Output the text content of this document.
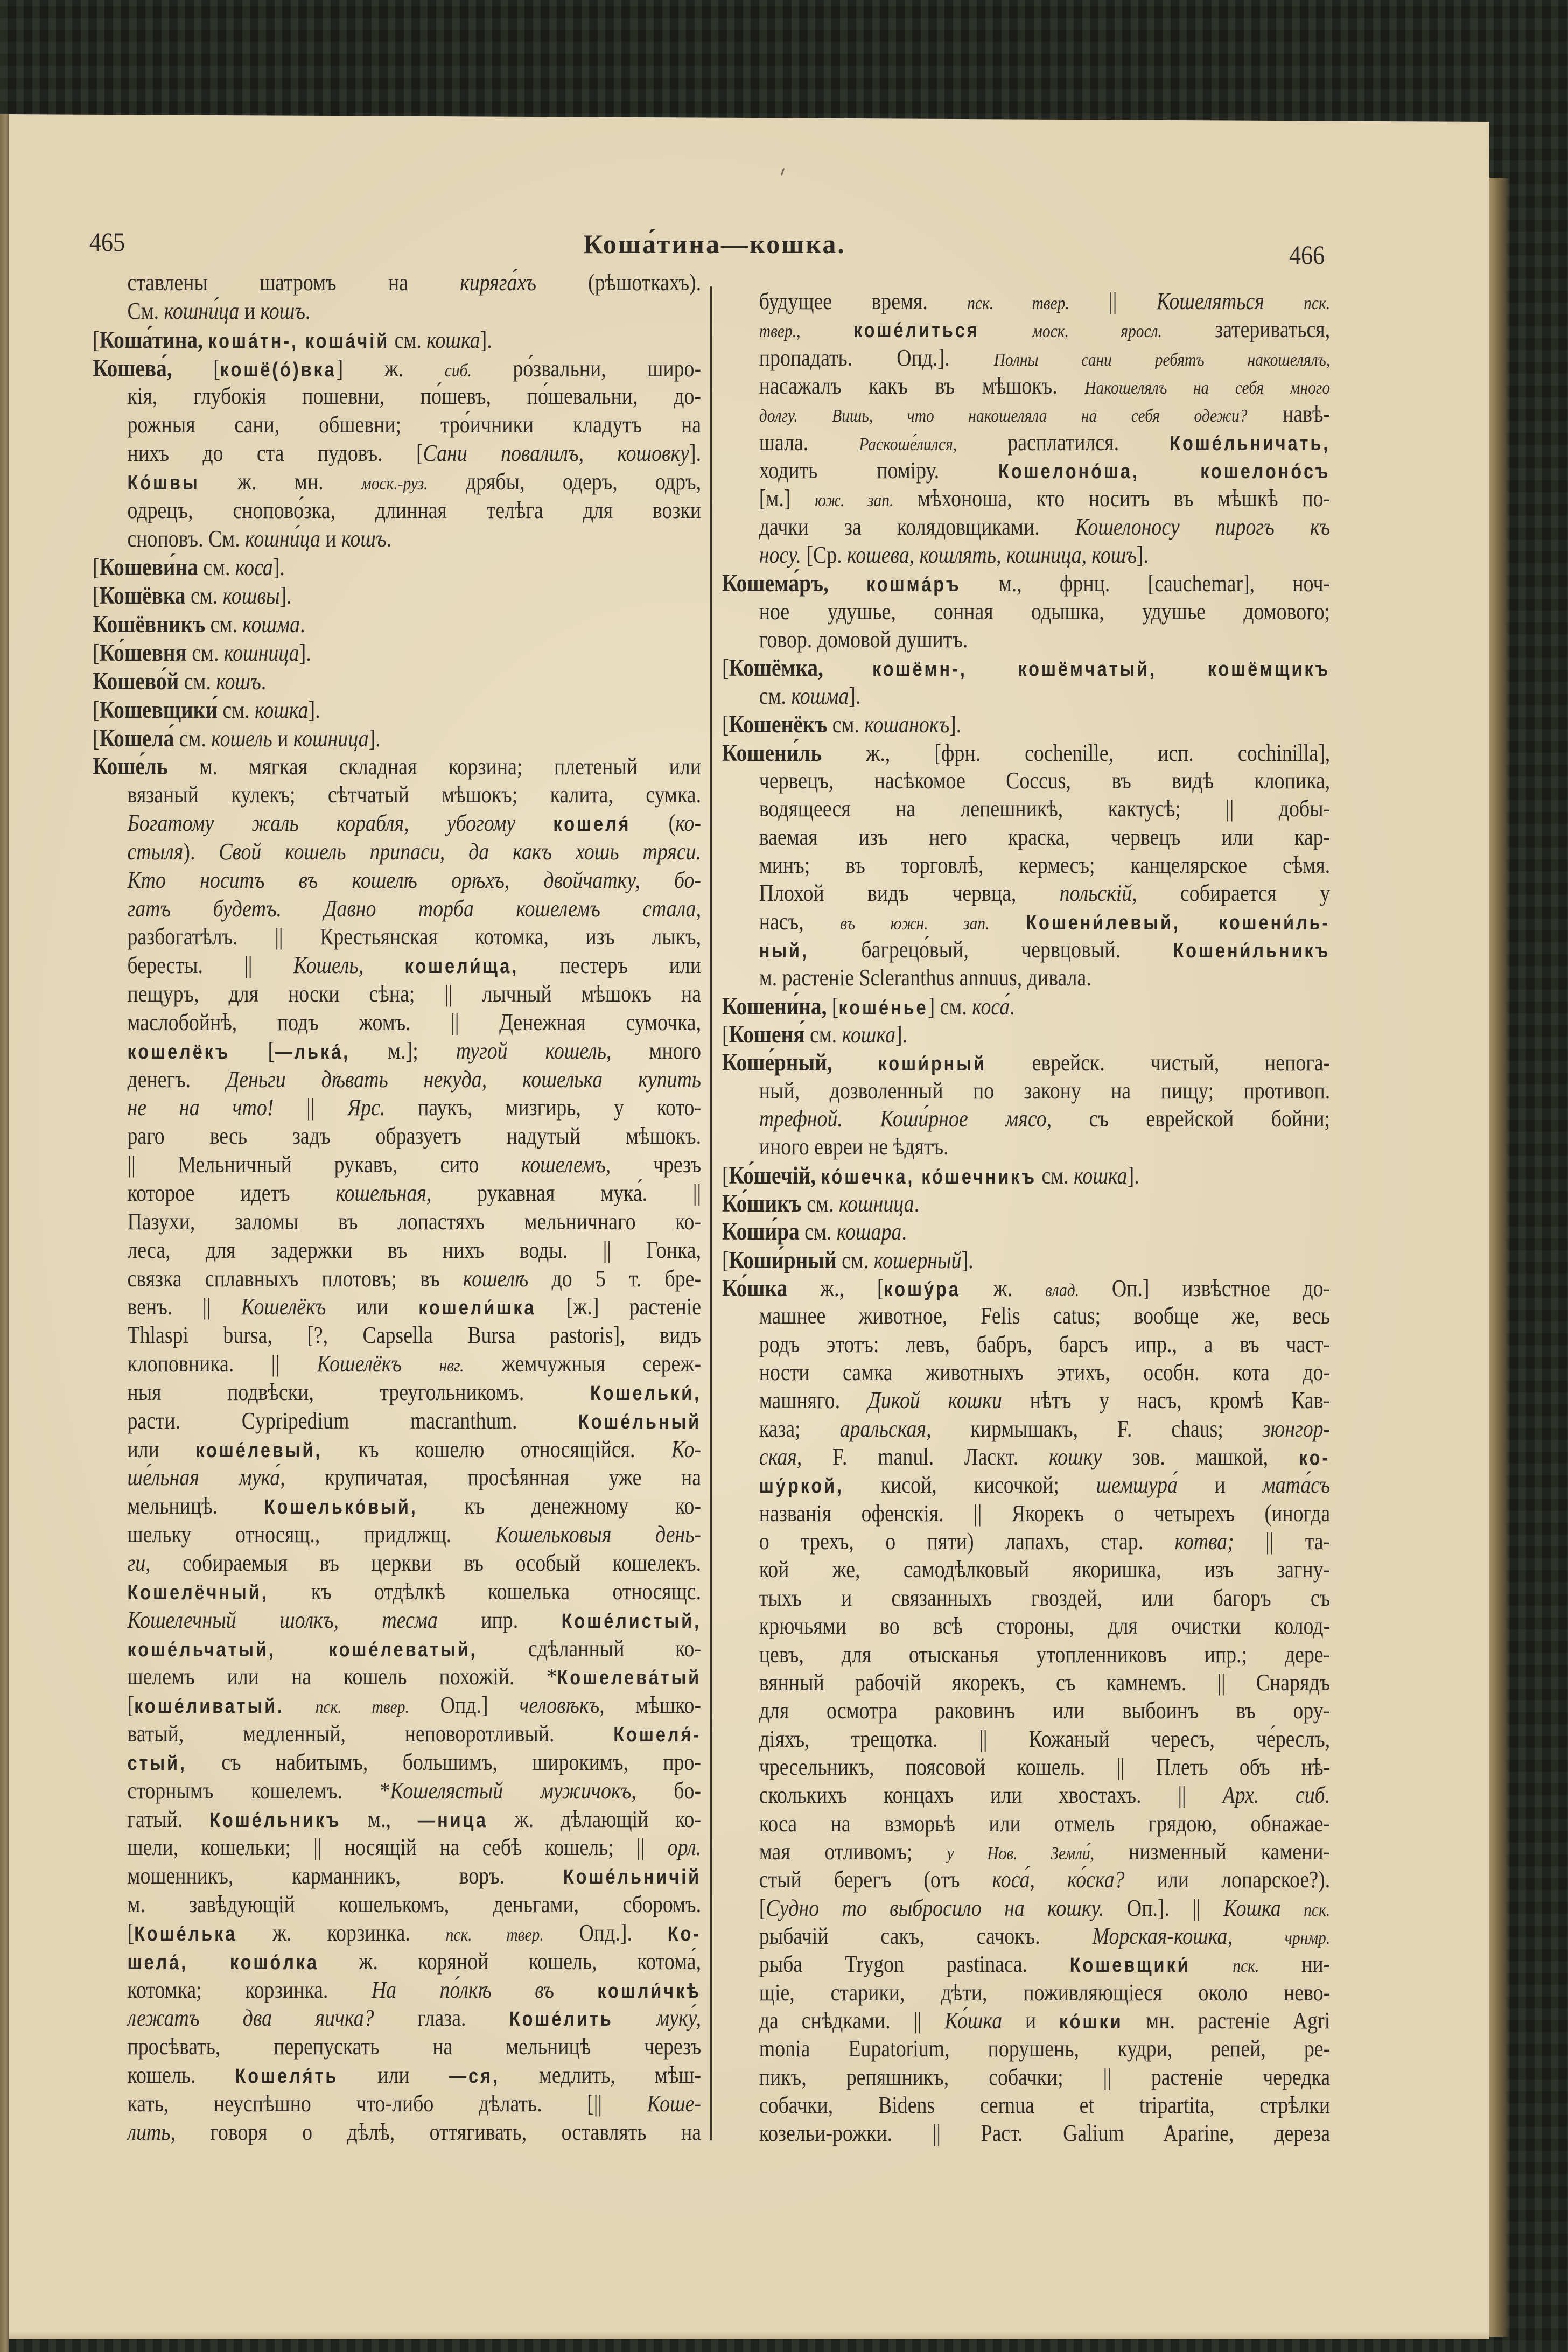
465	Коша́тина—кошка.	466
ставлены шатромъ на киряга́хъ (рѣшоткахъ).
См. кошни́ца и кошъ.
[Коша́тина, коша́тн-, коша́чій см. кошка].
Кошева́, [кошё(о́)вка] ж. сиб. ро́звальни, широ-
кія, глубокія пошевни, по́шевъ, по́шевальни, до-
рожныя сани, обшевни; тро́ичники кладутъ на
нихъ до ста пудовъ. [Сани повалилъ, кошовку].
Ко́швы ж. мн. моск.-руз. дрябы, одеръ, одръ,
одрецъ, снопово́зка, длинная телѣга для возки
сноповъ. См. кошни́ца и кошъ.
[Кошеви́на см. коса].
[Кошёвка см. кошвы].
Кошёвникъ см. кошма.
[Ко́шевня см. кошница].
Кошево́й см. кошъ.
[Кошевщики́ см. кошка].
[Кошела́ см. кошель и кошница].
Коше́ль м. мягкая складная корзина; плетеный или
вязаный кулекъ; сѣтчатый мѣшокъ; калита, сумка.
Богатому жаль корабля, убогому кошеля́ (ко-
стыля). Свой кошель припаси, да какъ хошь тряси.
Кто носитъ въ кошелѣ орѣхъ, двойчатку, бо-
гатъ будетъ. Давно торба кошелемъ стала,
разбогатѣлъ. || Крестьянская котомка, изъ лыкъ,
бересты. || Кошель, кошели́ща, пестеръ или
пещуръ, для носки сѣна; || лычный мѣшокъ на
маслобойнѣ, подъ жомъ. || Денежная сумочка,
кошелёкъ [—лька́, м.]; тугой кошель, много
денегъ. Деньги дѣвать некуда, кошелька купить
не на что! || Ярс. паукъ, мизгирь, у кото-
раго весь задъ образуетъ надутый мѣшокъ.
|| Мельничный рукавъ, сито кошелемъ, чрезъ
которое идетъ кошельная, рукавная мука́. ||
Пазухи, заломы въ лопастяхъ мельничнаго ко-
леса, для задержки въ нихъ воды. || Гонка,
связка сплавныхъ плотовъ; въ кошелѣ до 5 т. бре-
венъ. || Кошелёкъ или кошели́шка [ж.] растеніе
Thlaspi bursa, [?, Capsella Bursa pastoris], видъ
клоповника. || Кошелёкъ нвг. жемчужныя сереж-
ныя подвѣски, треугольникомъ. Кошельки́,
расти. Cypripedium macranthum. Коше́льный
или коше́левый, къ кошелю относящійся. Ко-
ше́льная мука́, крупичатая, просѣянная уже на
мельницѣ. Кошелько́вый, къ денежному ко-
шельку относящ., придлжщ. Кошельковыя день-
ги, собираемыя въ церкви въ особый кошелекъ.
Кошелёчный, къ отдѣлкѣ кошелька относящс.
Кошелечный шолкъ, тесма ипр. Коше́листый,
коше́льчатый, коше́леватый, сдѣланный ко-
шелемъ или на кошель похожій. *Кошелева́тый
[коше́ливатый. пск. твер. Опд.] человѣкъ, мѣшко-
ватый, медленный, неповоротливый. Кошеля́-
стый, съ набитымъ, большимъ, широкимъ, про-
сторнымъ кошелемъ. *Кошелястый мужичокъ, бо-
гатый. Коше́льникъ м., —ница ж. дѣлающій ко-
шели, кошельки; || носящій на себѣ кошель; || орл.
мошенникъ, карманникъ, воръ. Коше́льничій
м. завѣдующій кошелькомъ, деньгами, сборомъ.
[Коше́лька ж. корзинка. пск. твер. Опд.]. Ко-
шела́, кошо́лка ж. коряной кошель, котома́,
котомка; корзинка. На по́лкѣ въ кошли́чкѣ
лежатъ два яичка? глаза. Коше́лить муку́,
просѣвать, перепускать на мельницѣ черезъ
кошель. Кошеля́ть или —ся, медлить, мѣш-
кать, неуспѣшно что-либо дѣлать. [|| Коше-
лить, говоря о дѣлѣ, оттягивать, оставлять на
будущее время. пск. твер. || Кошеляться пск.
твер.,	коше́литься	моск. яросл. затериваться,
пропадать. Опд.]. Полны сани ребятъ накошелялъ,
насажалъ какъ въ мѣшокъ. Накошелялъ на себя много
долгу. Вишь, что накошеляла на себя одежи? навѣ-
шала. Раскоше́лился, расплатился. Коше́льничать,
ходить поміру. Кошелоно́ша, кошелоно́съ
[м.] юж. зап. мѣхоноша, кто носитъ въ мѣшкѣ по-
дачки за колядовщиками. Кошелоносу пирогъ къ
носу. [Ср. кошева, кошлять, кошница, кошъ].
Кошема́ръ, кошма́ръ м., фрнц. [cauchemar], ноч-
ное удушье, сонная одышка, удушье домового;
говор. домовой душитъ.
[Кошёмка, кошёмн-, кошёмчатый, кошёмщикъ
см. кошма].
[Кошенёкъ см. кошанокъ].
Кошени́ль ж., [фрн. cochenille, исп. cochinilla],
червецъ, насѣкомое Coccus, въ видѣ клопика,
водящееся на лепешникѣ, кактусѣ; || добы-
ваемая изъ него краска, червецъ или кар-
минъ; въ торговлѣ, кермесъ; канцелярское сѣмя.
Плохой видъ червца, польскій, собирается у
насъ, въ южн. зап. Кошени́левый, кошени́ль-
ный, багрецо́вый, червцовый. Кошени́льникъ
м. растеніе Scleranthus annuus, дивала.
Кошени́на, [коше́нье] см. коса́.
[Кошеня́ см. кошка].
Коше́рный, коши́рный еврейск. чистый, непога-
ный, дозволенный по закону на пищу; противоп.
трефной. Коши́рное мясо, съ еврейской бойни;
иного евреи не ѣдятъ.
[Ко́шечій, ко́шечка, ко́шечникъ см. кошка].
Ко́шикъ см. кошница.
Коши́ра см. кошара.
[Коши́рный см. кошерный].
Ко́шка ж., [кошу́ра ж. влад. Оп.] извѣстное до-
машнее животное, Felis catus; вообще же, весь
родъ этотъ: левъ, бабръ, барсъ ипр., а въ част-
ности самка животныхъ этихъ, особн. кота до-
машняго. Дикой кошки нѣтъ у насъ, кромѣ Кав-
каза; аральская, кирмышакъ, F. chaus; зюнгор-
ская, F. manul. Ласкт. кошку зов. машкой, ко-
шу́ркой, кисой, кисочкой; шемшура́ и мата́съ
названія офенскія. || Якорекъ о четырехъ (иногда
о трехъ, о пяти) лапахъ, стар. котва; || та-
кой же, самодѣлковый якоришка, изъ загну-
тыхъ и связанныхъ гвоздей, или багоръ съ
крючьями во всѣ стороны, для очистки колод-
цевъ, для отысканья утопленниковъ ипр.; дере-
вянный рабочій якорекъ, съ камнемъ. || Снарядъ
для осмотра раковинъ или выбоинъ въ ору-
діяхъ, трещотка. || Кожаный чересъ, че́реслъ,
чресельникъ, поясовой кошель. || Плеть объ нѣ-
сколькихъ концахъ или хвостахъ. || Арх. сиб.
коса на взморьѣ или отмель грядою, обнажае-
мая отливомъ; у Нов. Земли́, низменный камени-
стый берегъ (отъ коса́, ко́ска? или лопарское?).
[Судно то выбросило на кошку. Оп.]. || Кошка пск.
рыбачій сакъ, сачокъ. Морская-кошка,	чрнмр.
рыба Trygon pastinaca. Кошевщики́ пск. ни-
щіе, старики, дѣти, поживляющіеся около нево-
да снѣдками. || Ко́шка и ко́шки мн. растеніе Agri
monia Eupatorium, порушень, кудри, репей, ре-
пикъ, репяшникъ, собачки; || растеніе чередка
собачки, Bidens cernua et tripartita, стрѣлки
козельи-рожки. || Раст. Galium Aparine, дереза
